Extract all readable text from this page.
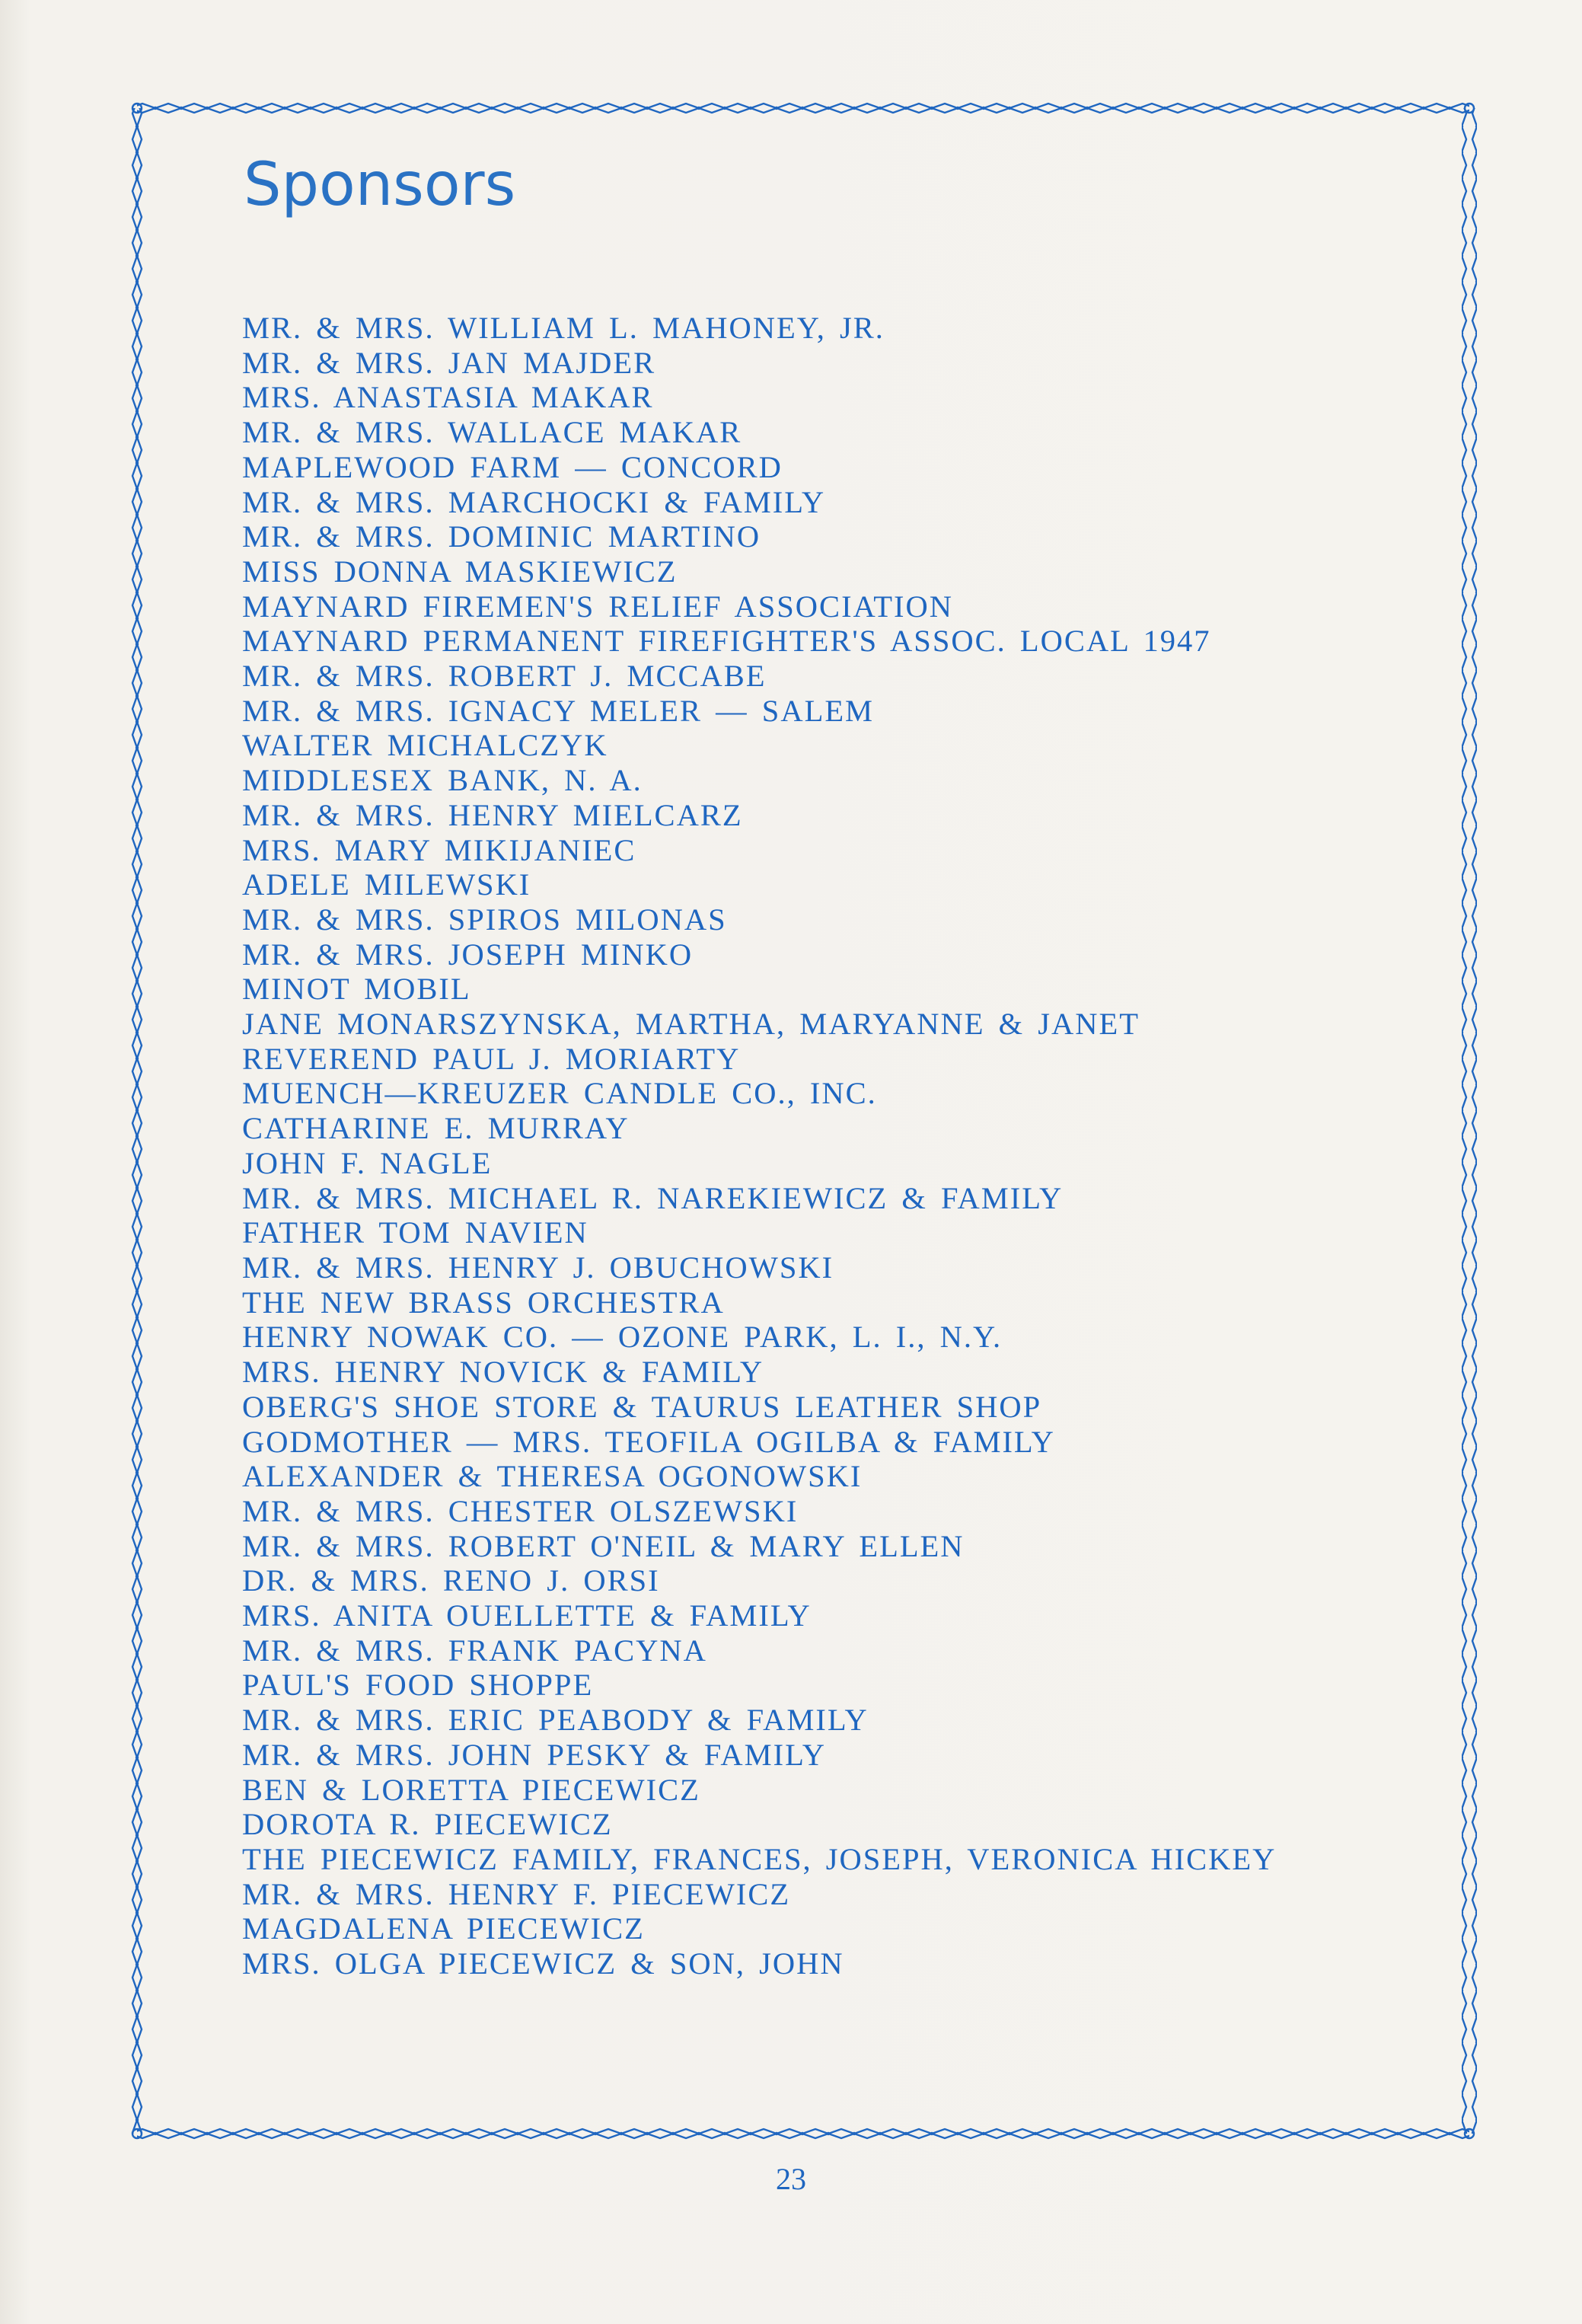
Sponsors
MR. & MRS. WILLIAM L. MAHONEY, JR.
MR. & MRS. JAN MAJDER
MRS. ANASTASIA MAKAR
MR. & MRS. WALLACE MAKAR
MAPLEWOOD FARM — CONCORD
MR. & MRS. MARCHOCKI & FAMILY
MR. & MRS. DOMINIC MARTINO
MISS DONNA MASKIEWICZ
MAYNARD FIREMEN'S RELIEF ASSOCIATION
MAYNARD PERMANENT FIREFIGHTER'S ASSOC. LOCAL 1947
MR. & MRS. ROBERT J. MCCABE
MR. & MRS. IGNACY MELER — SALEM
WALTER MICHALCZYK
MIDDLESEX BANK, N. A.
MR. & MRS. HENRY MIELCARZ
MRS. MARY MIKIJANIEC
ADELE MILEWSKI
MR. & MRS. SPIROS MILONAS
MR. & MRS. JOSEPH MINKO
MINOT MOBIL
JANE MONARSZYNSKA, MARTHA, MARYANNE & JANET
REVEREND PAUL J. MORIARTY
MUENCH—KREUZER CANDLE CO., INC.
CATHARINE E. MURRAY
JOHN F. NAGLE
MR. & MRS. MICHAEL R. NAREKIEWICZ & FAMILY
FATHER TOM NAVIEN
MR. & MRS. HENRY J. OBUCHOWSKI
THE NEW BRASS ORCHESTRA
HENRY NOWAK CO. — OZONE PARK, L. I., N.Y.
MRS. HENRY NOVICK & FAMILY
OBERG'S SHOE STORE & TAURUS LEATHER SHOP
GODMOTHER — MRS. TEOFILA OGILBA & FAMILY
ALEXANDER & THERESA OGONOWSKI
MR. & MRS. CHESTER OLSZEWSKI
MR. & MRS. ROBERT O'NEIL & MARY ELLEN
DR. & MRS. RENO J. ORSI
MRS. ANITA OUELLETTE & FAMILY
MR. & MRS. FRANK PACYNA
PAUL'S FOOD SHOPPE
MR. & MRS. ERIC PEABODY & FAMILY
MR. & MRS. JOHN PESKY & FAMILY
BEN & LORETTA PIECEWICZ
DOROTA R. PIECEWICZ
THE PIECEWICZ FAMILY, FRANCES, JOSEPH, VERONICA HICKEY
MR. & MRS. HENRY F. PIECEWICZ
MAGDALENA PIECEWICZ
MRS. OLGA PIECEWICZ & SON, JOHN
23
